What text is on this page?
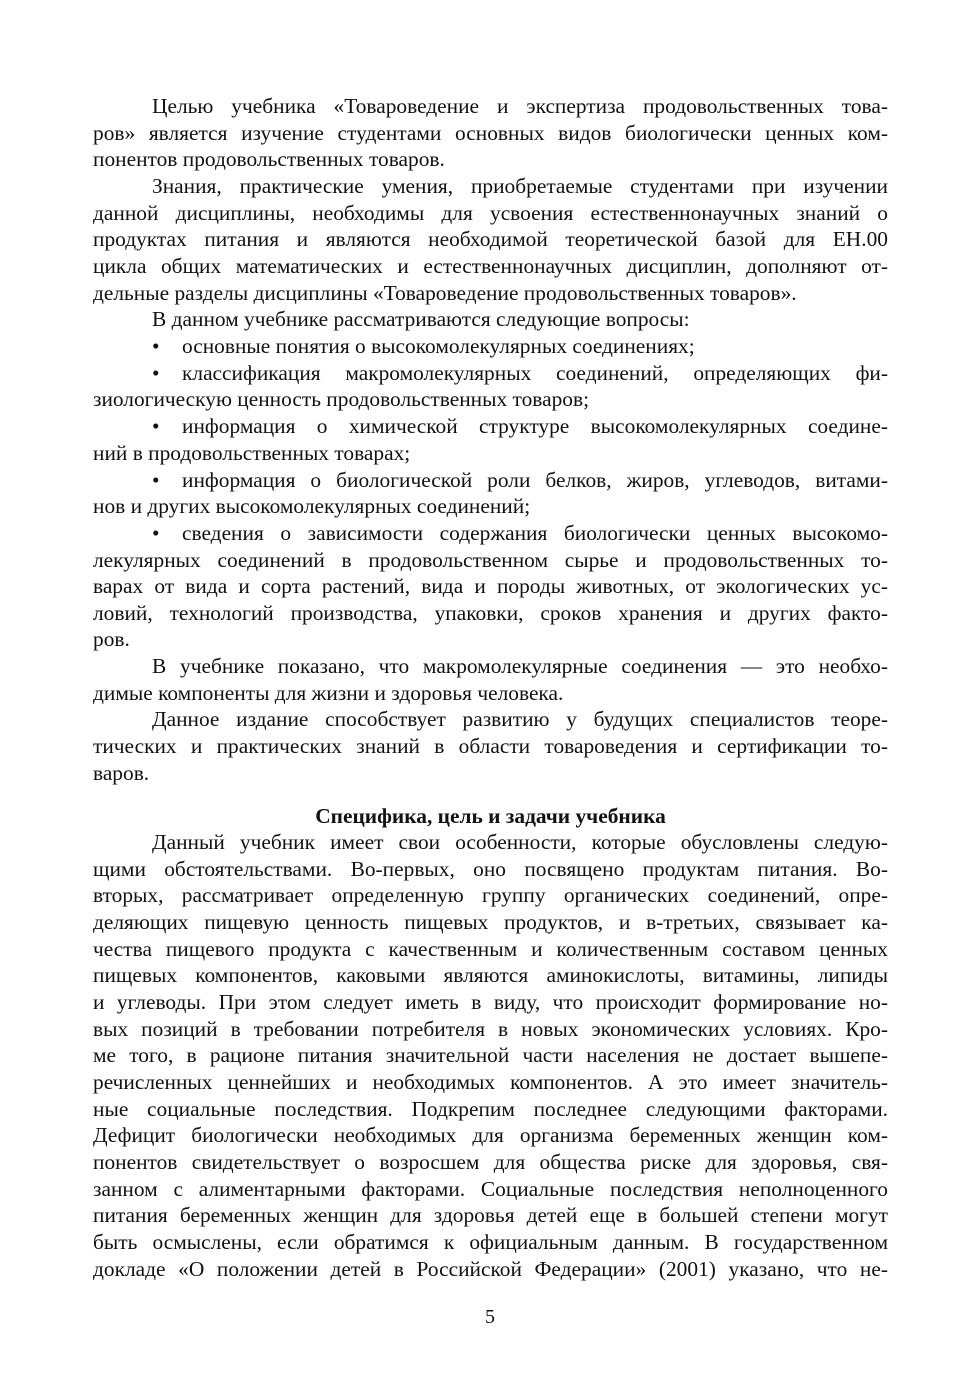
Целью учебника «Товароведение и экспертиза продовольственных това-
ров» является изучение студентами основных видов биологически ценных ком-
понентов продовольственных товаров.
Знания, практические умения, приобретаемые студентами при изучении
данной дисциплины, необходимы для усвоения естественнонаучных знаний о
продуктах питания и являются необходимой теоретической базой для ЕН.00
цикла общих математических и естественнонаучных дисциплин, дополняют от-
дельные разделы дисциплины «Товароведение продовольственных товаров».
В данном учебнике рассматриваются следующие вопросы:
• основные понятия о высокомолекулярных соединениях;
• классификация макромолекулярных соединений, определяющих фи-
зиологическую ценность продовольственных товаров;
• информация о химической структуре высокомолекулярных соедине-
ний в продовольственных товарах;
• информация о биологической роли белков, жиров, углеводов, витами-
нов и других высокомолекулярных соединений;
• сведения о зависимости содержания биологически ценных высокомо-
лекулярных соединений в продовольственном сырье и продовольственных то-
варах от вида и сорта растений, вида и породы животных, от экологических ус-
ловий, технологий производства, упаковки, сроков хранения и других факто-
ров.
В учебнике показано, что макромолекулярные соединения — это необхо-
димые компоненты для жизни и здоровья человека.
Данное издание способствует развитию у будущих специалистов теоре-
тических и практических знаний в области товароведения и сертификации то-
варов.
Специфика, цель и задачи учебника
Данный учебник имеет свои особенности, которые обусловлены следую-
щими обстоятельствами. Во-первых, оно посвящено продуктам питания. Во-
вторых, рассматривает определенную группу органических соединений, опре-
деляющих пищевую ценность пищевых продуктов, и в-третьих, связывает ка-
чества пищевого продукта с качественным и количественным составом ценных
пищевых компонентов, каковыми являются аминокислоты, витамины, липиды
и углеводы. При этом следует иметь в виду, что происходит формирование но-
вых позиций в требовании потребителя в новых экономических условиях. Кро-
ме того, в рационе питания значительной части населения не достает вышепе-
речисленных ценнейших и необходимых компонентов. А это имеет значитель-
ные социальные последствия. Подкрепим последнее следующими факторами.
Дефицит биологически необходимых для организма беременных женщин ком-
понентов свидетельствует о возросшем для общества риске для здоровья, свя-
занном с алиментарными факторами. Социальные последствия неполноценного
питания беременных женщин для здоровья детей еще в большей степени могут
быть осмыслены, если обратимся к официальным данным. В государственном
докладе «О положении детей в Российской Федерации» (2001) указано, что не-
5
